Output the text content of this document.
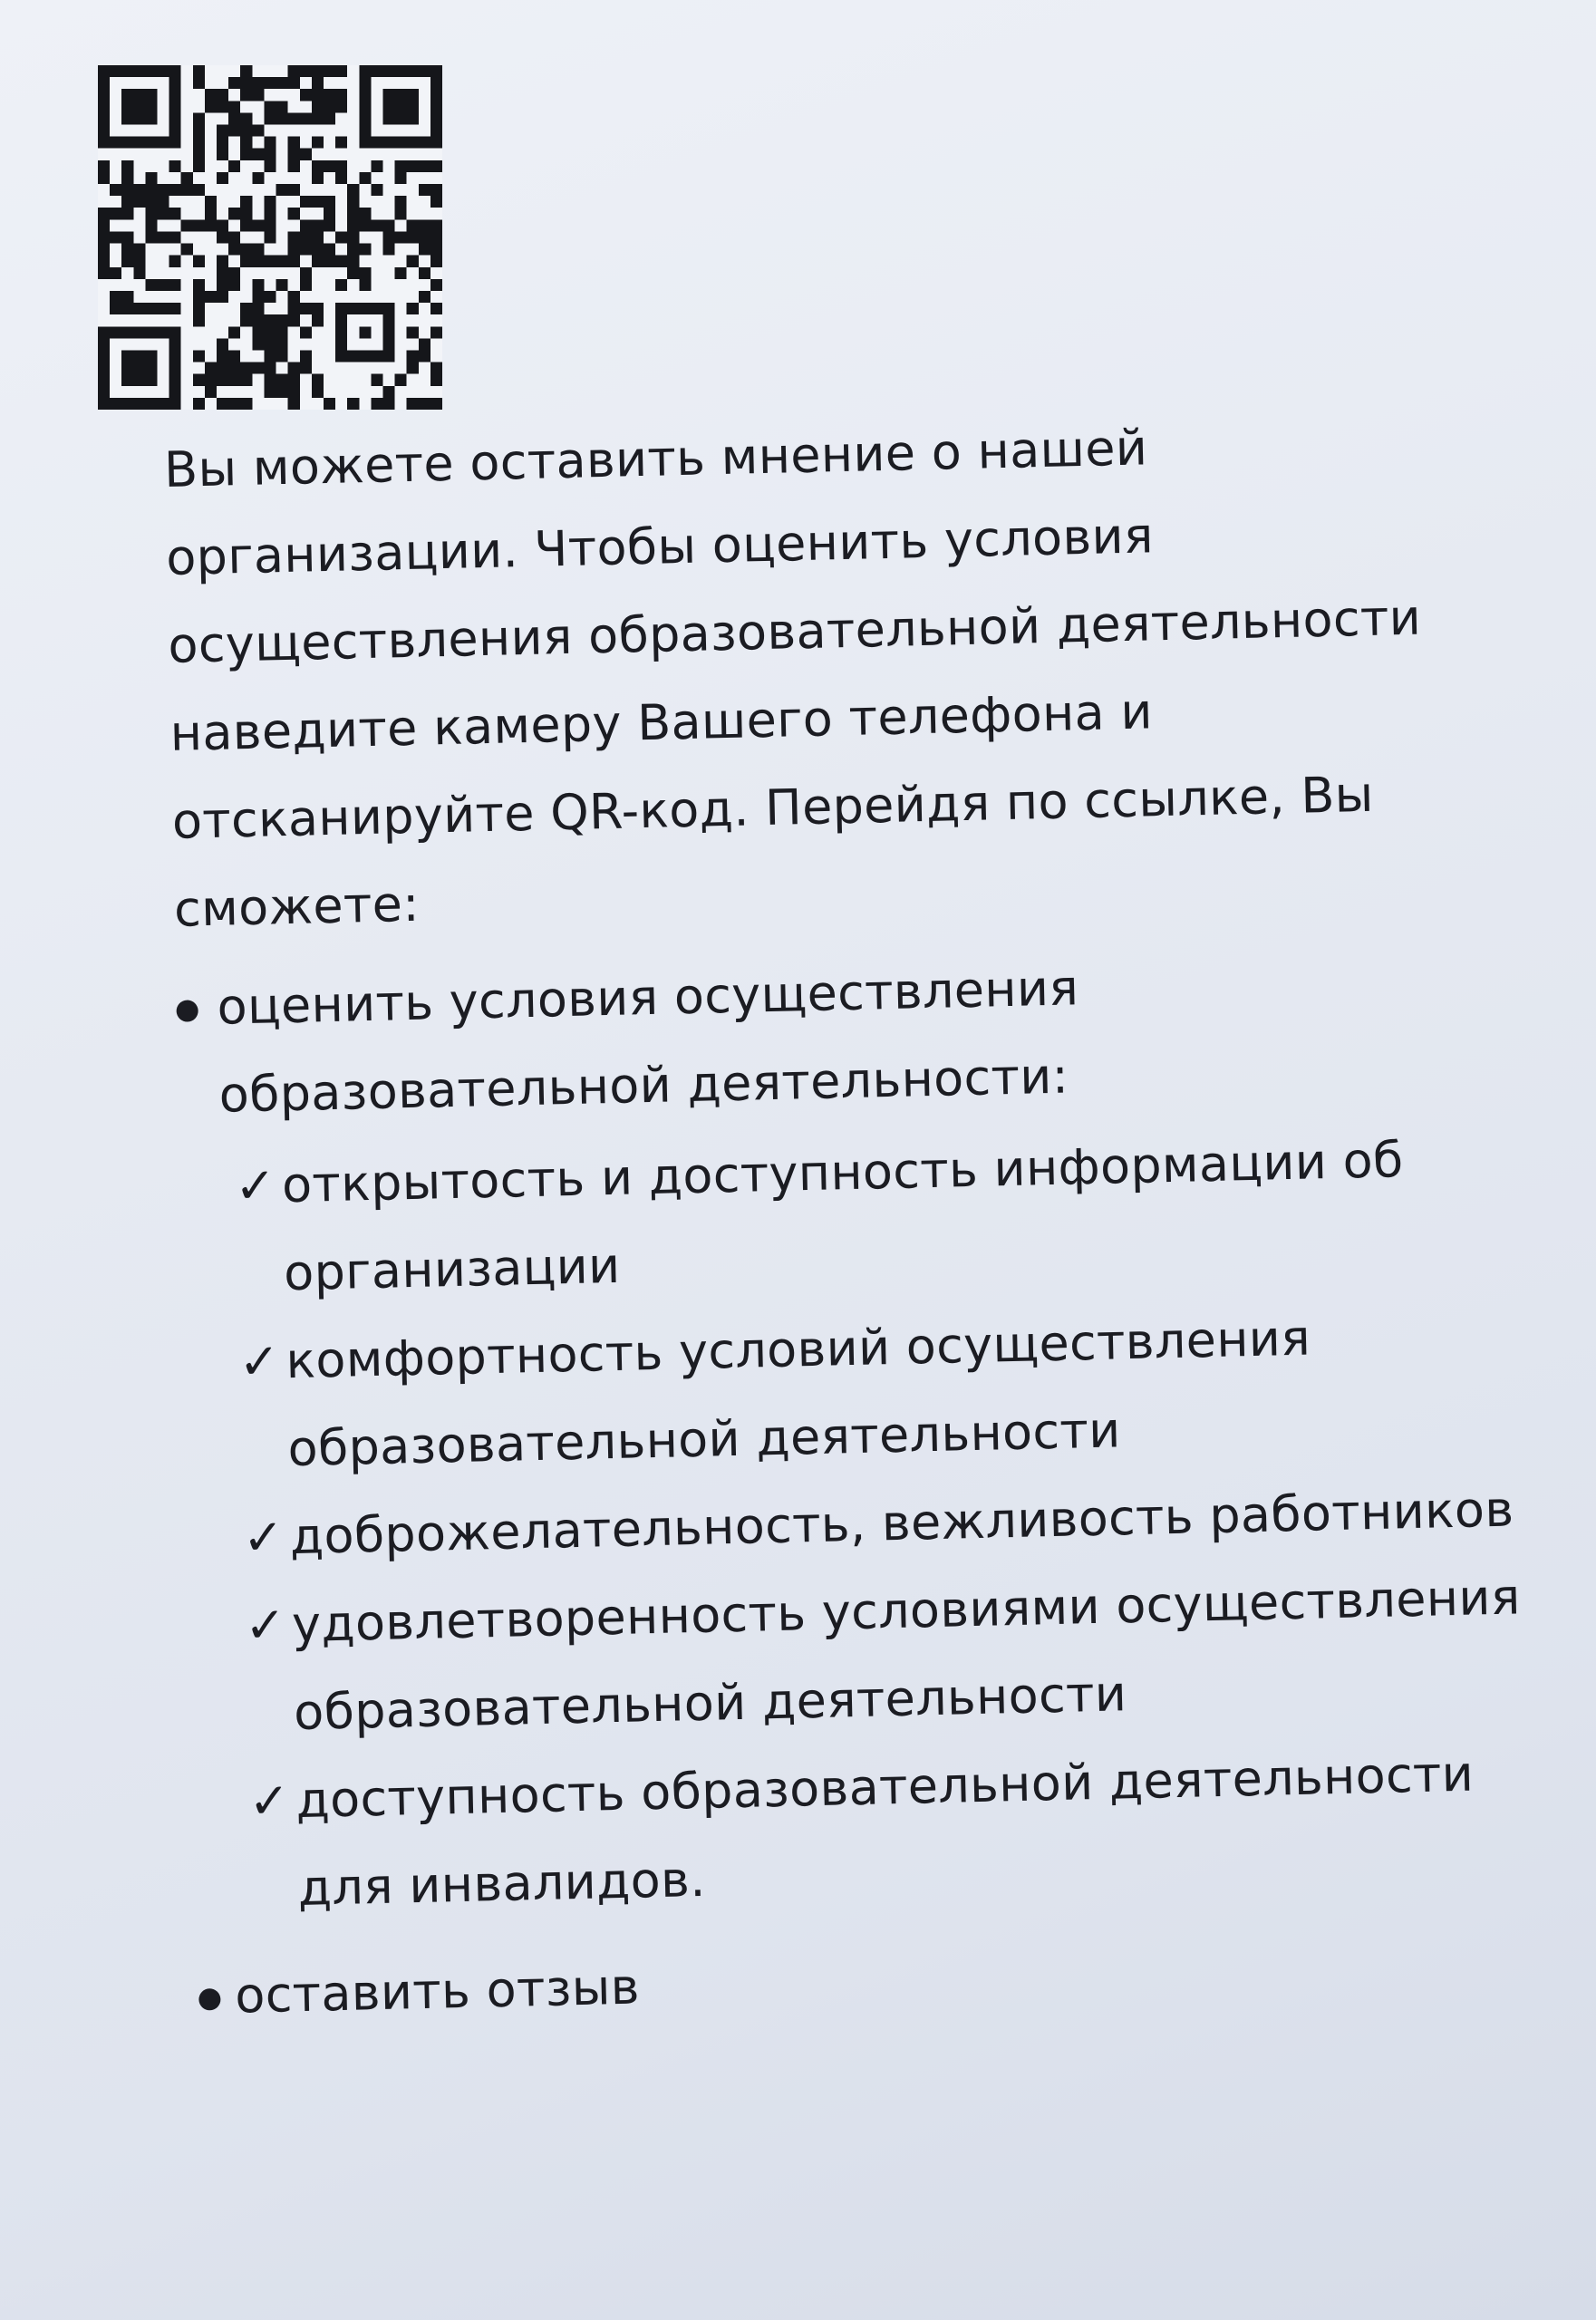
Вы можете оставить мнение о нашей организации. Чтобы оценить условия осуществления образовательной деятельности наведите камеру Вашего телефона и отсканируйте QR-код. Перейдя по ссылке, Вы сможете:

оценить условия осуществления образовательной деятельности:
✓ открытость и доступность информации об организации
✓ комфортность условий осуществления образовательной деятельности
✓ доброжелательность, вежливость работников
✓ удовлетворенность условиями осуществления образовательной деятельности
✓ доступность образовательной деятельности для инвалидов.
оставить отзыв
